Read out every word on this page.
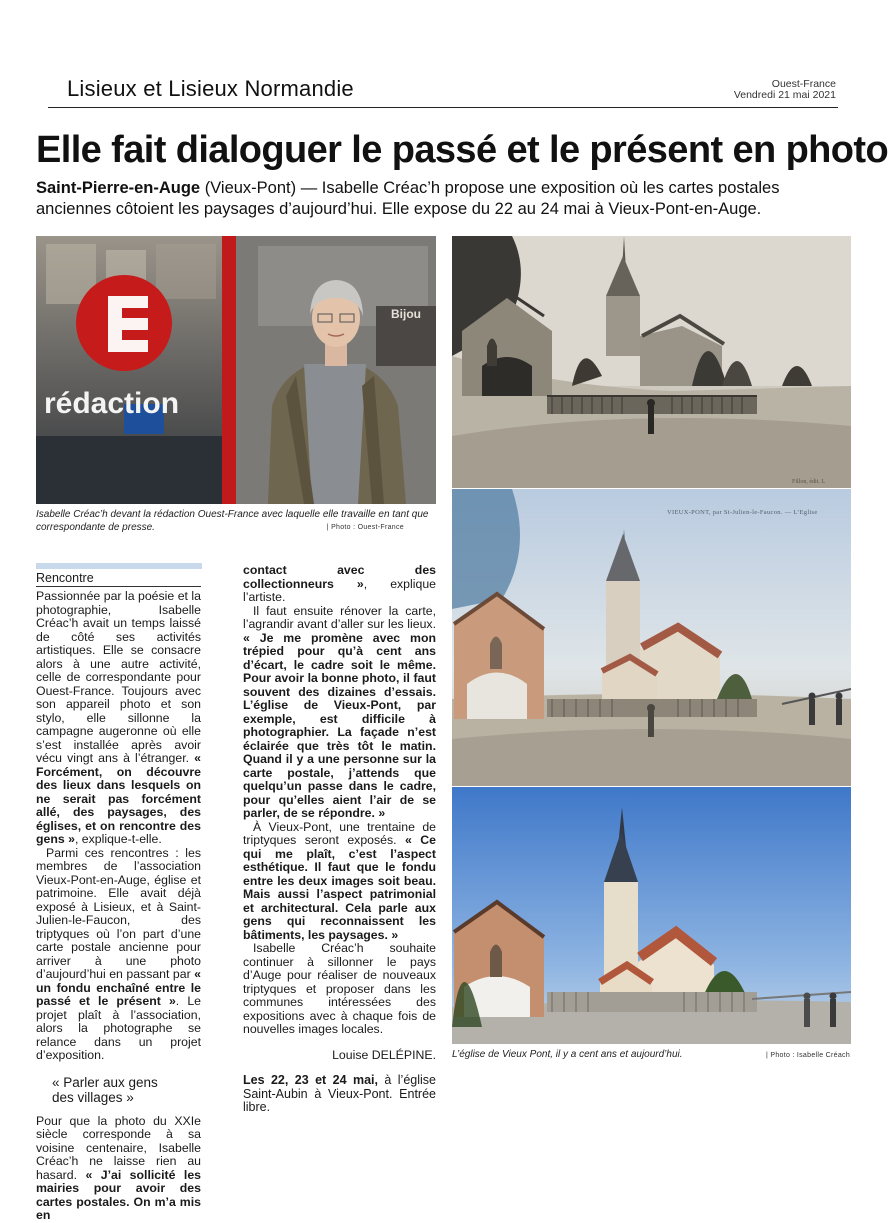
Lisieux et Lisieux Normandie	Ouest-France
Vendredi 21 mai 2021
Elle fait dialoguer le passé et le présent en photo
Saint-Pierre-en-Auge (Vieux-Pont) — Isabelle Créac’h propose une exposition où les cartes postales anciennes côtoient les paysages d’aujourd’hui. Elle expose du 22 au 24 mai à Vieux-Pont-en-Auge.
rédaction
Bijou
Isabelle Créac’h devant la rédaction Ouest-France avec laquelle elle travaille en tant que correspondante de presse.	| Photo : Ouest-France
Rencontre

Passionnée par la poésie et la photographie, Isabelle Créac’h avait un temps laissé de côté ses activités artistiques. Elle se consacre alors à une autre activité, celle de correspondante pour Ouest-France. Toujours avec son appareil photo et son stylo, elle sillonne la campagne augeronne où elle s’est installée après avoir vécu vingt ans à l’étranger. « Forcément, on découvre des lieux dans lesquels on ne serait pas forcément allé, des paysages, des églises, et on rencontre des gens », explique-t-elle.

Parmi ces rencontres : les membres de l’association Vieux-Pont-en-Auge, église et patrimoine. Elle avait déjà exposé à Lisieux, et à Saint-Julien-le-Faucon, des triptyques où l’on part d’une carte postale ancienne pour arriver à une photo d’aujourd’hui en passant par « un fondu enchaîné entre le passé et le présent ». Le projet plaît à l’association, alors la photographe se relance dans un projet d’exposition.

« Parler aux gens des villages »

Pour que la photo du XXIe siècle corresponde à sa voisine centenaire, Isabelle Créac’h ne laisse rien au hasard. « J’ai sollicité les mairies pour avoir des cartes postales. On m’a mis en

contact avec des collectionneurs », explique l’artiste.

Il faut ensuite rénover la carte, l’agrandir avant d’aller sur les lieux. « Je me promène avec mon trépied pour qu’à cent ans d’écart, le cadre soit le même. Pour avoir la bonne photo, il faut souvent des dizaines d’essais. L’église de Vieux-Pont, par exemple, est difficile à photographier. La façade n’est éclairée que très tôt le matin. Quand il y a une personne sur la carte postale, j’attends que quelqu’un passe dans le cadre, pour qu’elles aient l’air de se parler, de se répondre. »

À Vieux-Pont, une trentaine de triptyques seront exposés. « Ce qui me plaît, c’est l’aspect esthétique. Il faut que le fondu entre les deux images soit beau. Mais aussi l’aspect patrimonial et architectural. Cela parle aux gens qui reconnaissent les bâtiments, les paysages. »

Isabelle Créac’h souhaite continuer à sillonner le pays d’Auge pour réaliser de nouveaux triptyques et proposer dans les communes intéressées des expositions avec à chaque fois de nouvelles images locales.

Louise DELÉPINE.

Les 22, 23 et 24 mai, à l’église Saint-Aubin à Vieux-Pont. Entrée libre.

Fillon, édit. L
VIEUX-PONT, par St-Julien-le-Faucon. — L’Eglise
L’église de Vieux Pont, il y a cent ans et aujourd’hui.	| Photo : Isabelle Créach
